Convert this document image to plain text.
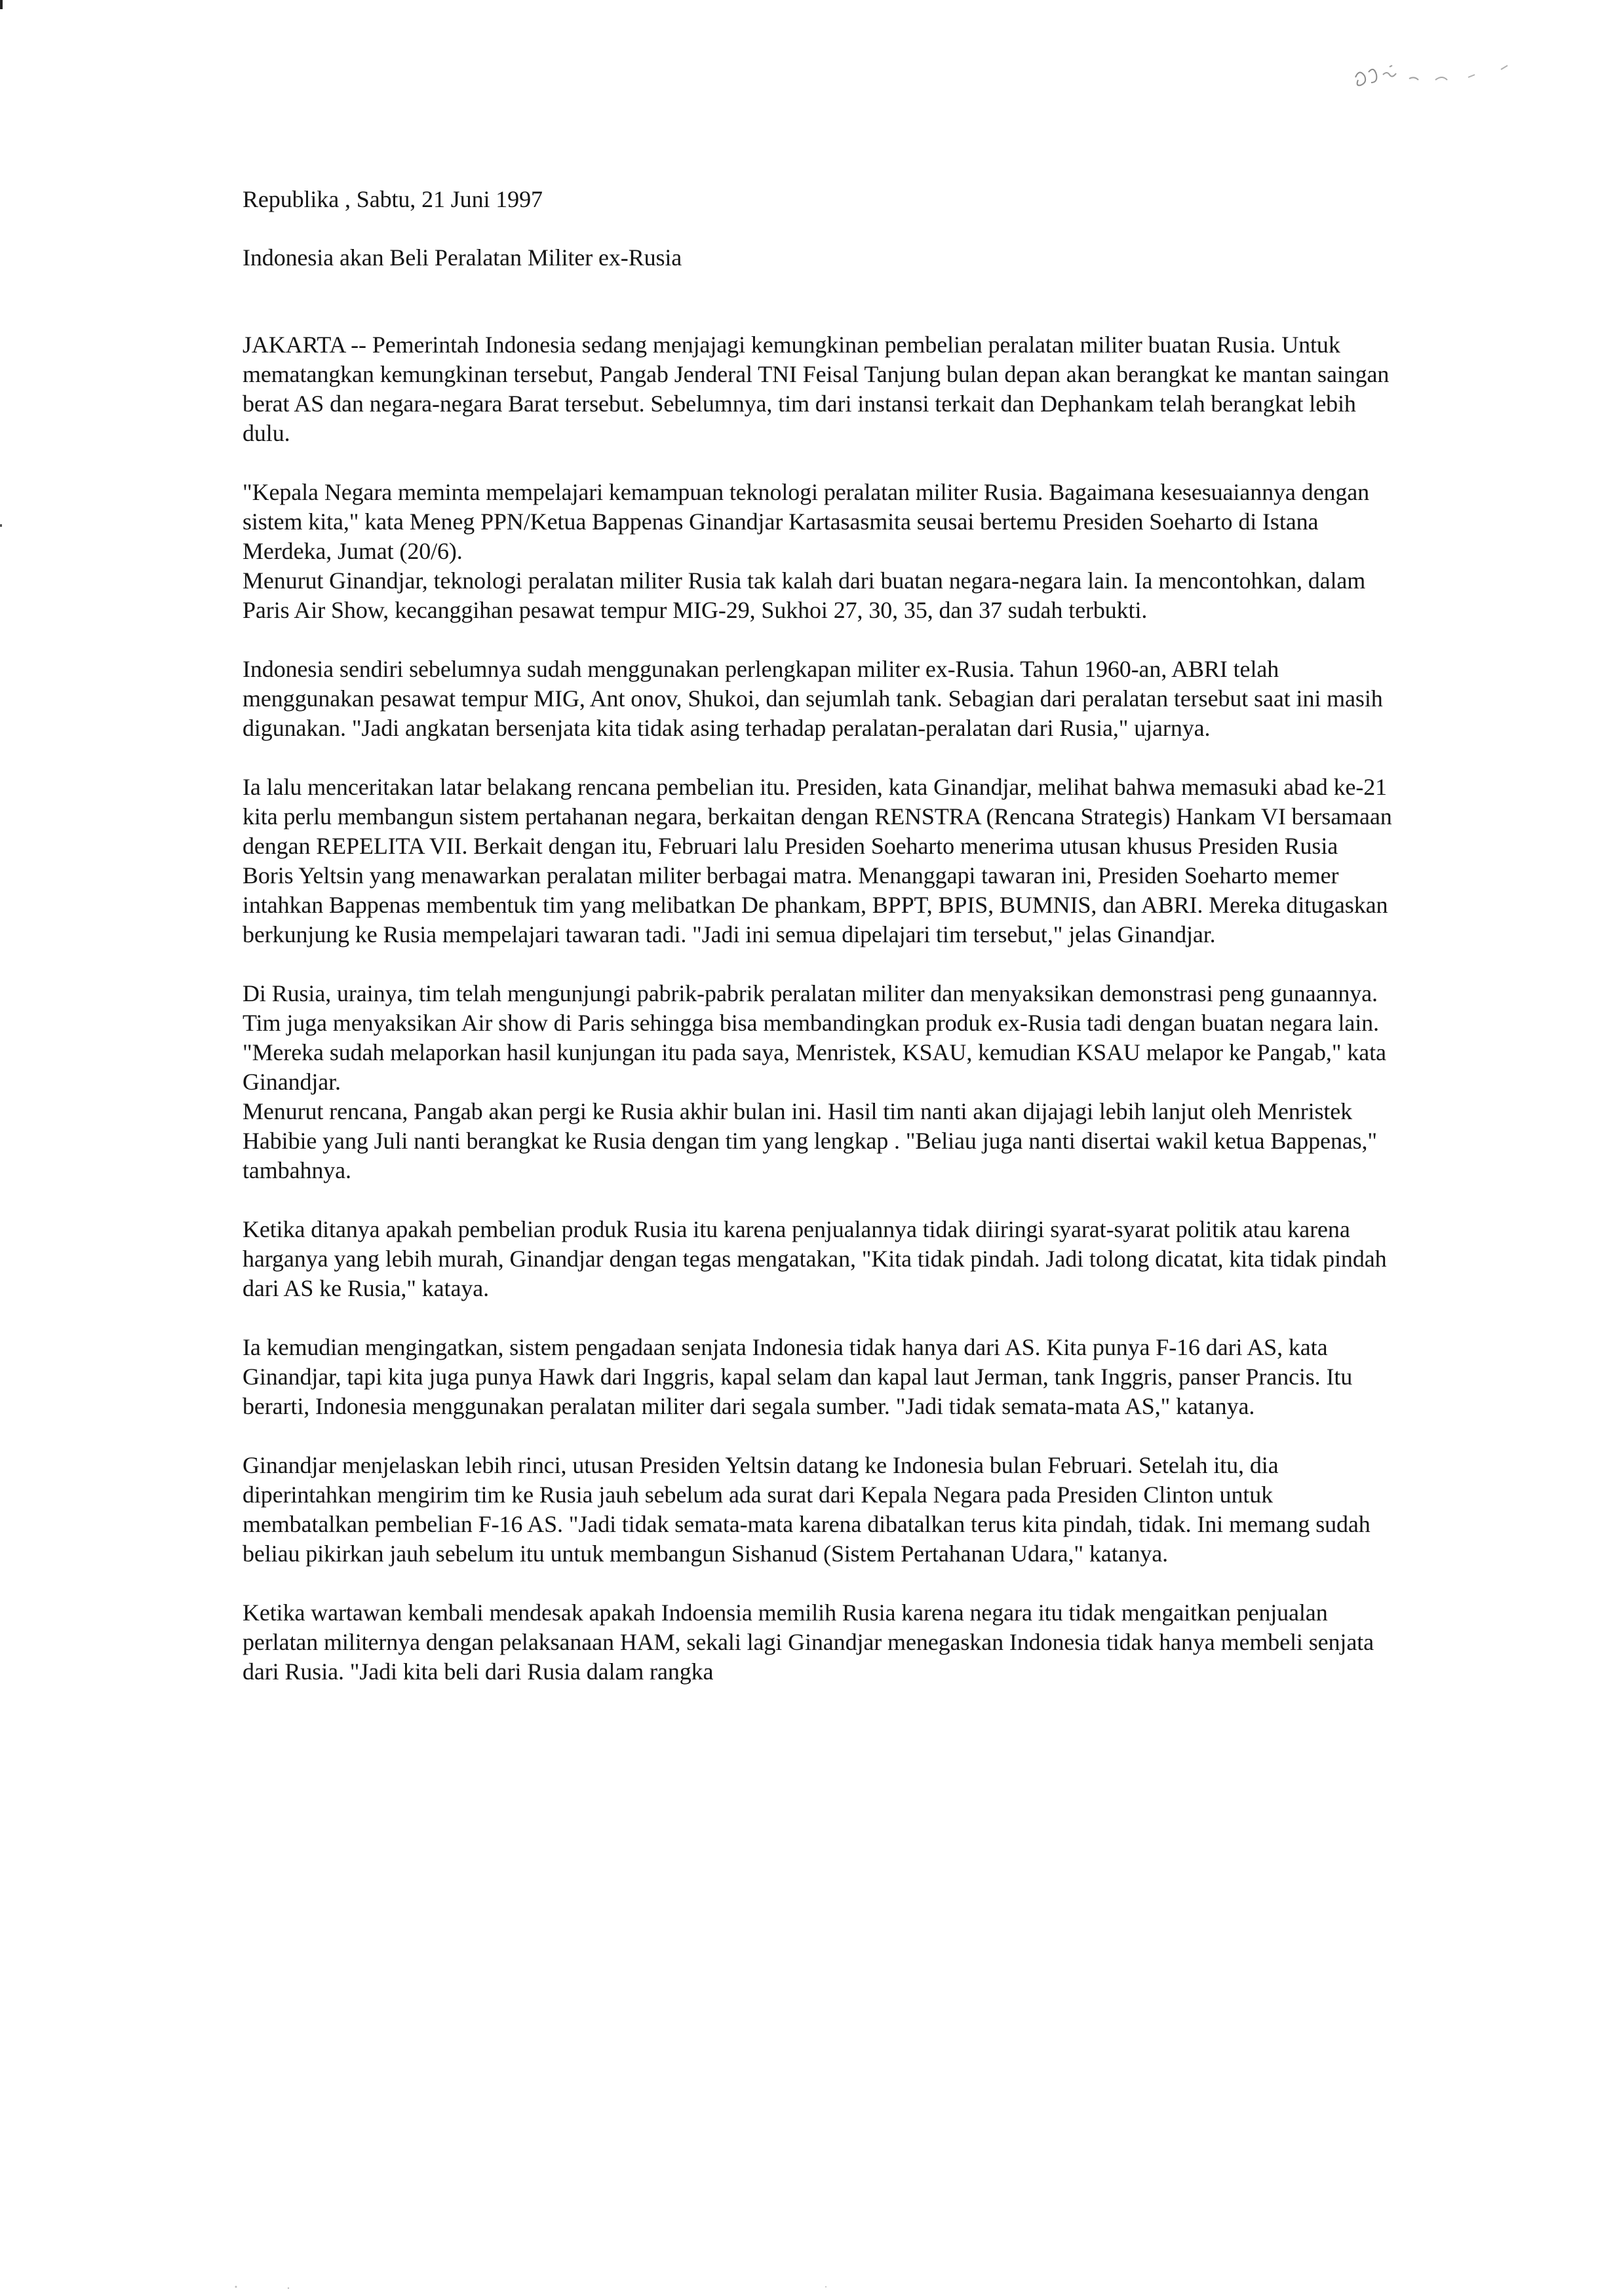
Republika , Sabtu, 21 Juni 1997

Indonesia akan Beli Peralatan Militer ex-Rusia

JAKARTA -- Pemerintah Indonesia sedang menjajagi kemungkinan pembelian peralatan militer buatan Rusia. Untuk mematangkan kemungkinan tersebut, Pangab Jenderal TNI Feisal Tanjung bulan depan akan berangkat ke mantan saingan berat AS dan negara-negara Barat tersebut. Sebelumnya, tim dari instansi terkait dan Dephankam telah berangkat lebih dulu.

"Kepala Negara meminta mempelajari kemampuan teknologi peralatan militer Rusia. Bagaimana kesesuaiannya dengan sistem kita," kata Meneg PPN/Ketua Bappenas Ginandjar Kartasasmita seusai bertemu Presiden Soeharto di Istana Merdeka, Jumat (20/6).

Menurut Ginandjar, teknologi peralatan militer Rusia tak kalah dari buatan negara-negara lain. Ia mencontohkan, dalam Paris Air Show, kecanggihan pesawat tempur MIG-29, Sukhoi 27, 30, 35, dan 37 sudah terbukti.

Indonesia sendiri sebelumnya sudah menggunakan perlengkapan militer ex-Rusia. Tahun 1960-an, ABRI telah menggunakan pesawat tempur MIG, Ant onov, Shukoi, dan sejumlah tank. Sebagian dari peralatan tersebut saat ini masih digunakan. "Jadi angkatan bersenjata kita tidak asing terhadap peralatan-peralatan dari Rusia," ujarnya.

Ia lalu menceritakan latar belakang rencana pembelian itu. Presiden, kata Ginandjar, melihat bahwa memasuki abad ke-21 kita perlu membangun sistem pertahanan negara, berkaitan dengan RENSTRA (Rencana Strategis) Hankam VI bersamaan dengan REPELITA VII. Berkait dengan itu, Februari lalu Presiden Soeharto menerima utusan khusus Presiden Rusia Boris Yeltsin yang menawarkan peralatan militer berbagai matra. Menanggapi tawaran ini, Presiden Soeharto memer intahkan Bappenas membentuk tim yang melibatkan De phankam, BPPT, BPIS, BUMNIS, dan ABRI. Mereka ditugaskan berkunjung ke Rusia mempelajari tawaran tadi. "Jadi ini semua dipelajari tim tersebut," jelas Ginandjar.

Di Rusia, urainya, tim telah mengunjungi pabrik-pabrik peralatan militer dan menyaksikan demonstrasi peng gunaannya. Tim juga menyaksikan Air show di Paris sehingga bisa membandingkan produk ex-Rusia tadi dengan buatan negara lain. "Mereka sudah melaporkan hasil kunjungan itu pada saya, Menristek, KSAU, kemudian KSAU melapor ke Pangab," kata Ginandjar.

Menurut rencana, Pangab akan pergi ke Rusia akhir bulan ini. Hasil tim nanti akan dijajagi lebih lanjut oleh Menristek Habibie yang Juli nanti berangkat ke Rusia dengan tim yang lengkap . "Beliau juga nanti disertai wakil ketua Bappenas," tambahnya.

Ketika ditanya apakah pembelian produk Rusia itu karena penjualannya tidak diiringi syarat-syarat politik atau karena harganya yang lebih murah, Ginandjar dengan tegas mengatakan, "Kita tidak pindah. Jadi tolong dicatat, kita tidak pindah dari AS ke Rusia," kataya.

Ia kemudian mengingatkan, sistem pengadaan senjata Indonesia tidak hanya dari AS. Kita punya F-16 dari AS, kata Ginandjar, tapi kita juga punya Hawk dari Inggris, kapal selam dan kapal laut Jerman, tank Inggris, panser Prancis. Itu berarti, Indonesia menggunakan peralatan militer dari segala sumber. "Jadi tidak semata-mata AS," katanya.

Ginandjar menjelaskan lebih rinci, utusan Presiden Yeltsin datang ke Indonesia bulan Februari. Setelah itu, dia diperintahkan mengirim tim ke Rusia jauh sebelum ada surat dari Kepala Negara pada Presiden Clinton untuk membatalkan pembelian F-16 AS. "Jadi tidak semata-mata karena dibatalkan terus kita pindah, tidak. Ini memang sudah beliau pikirkan jauh sebelum itu untuk membangun Sishanud (Sistem Pertahanan Udara," katanya.

Ketika wartawan kembali mendesak apakah Indoensia memilih Rusia karena negara itu tidak mengaitkan penjualan perlatan militernya dengan pelaksanaan HAM, sekali lagi Ginandjar menegaskan Indonesia tidak hanya membeli senjata dari Rusia. "Jadi kita beli dari Rusia dalam rangka
